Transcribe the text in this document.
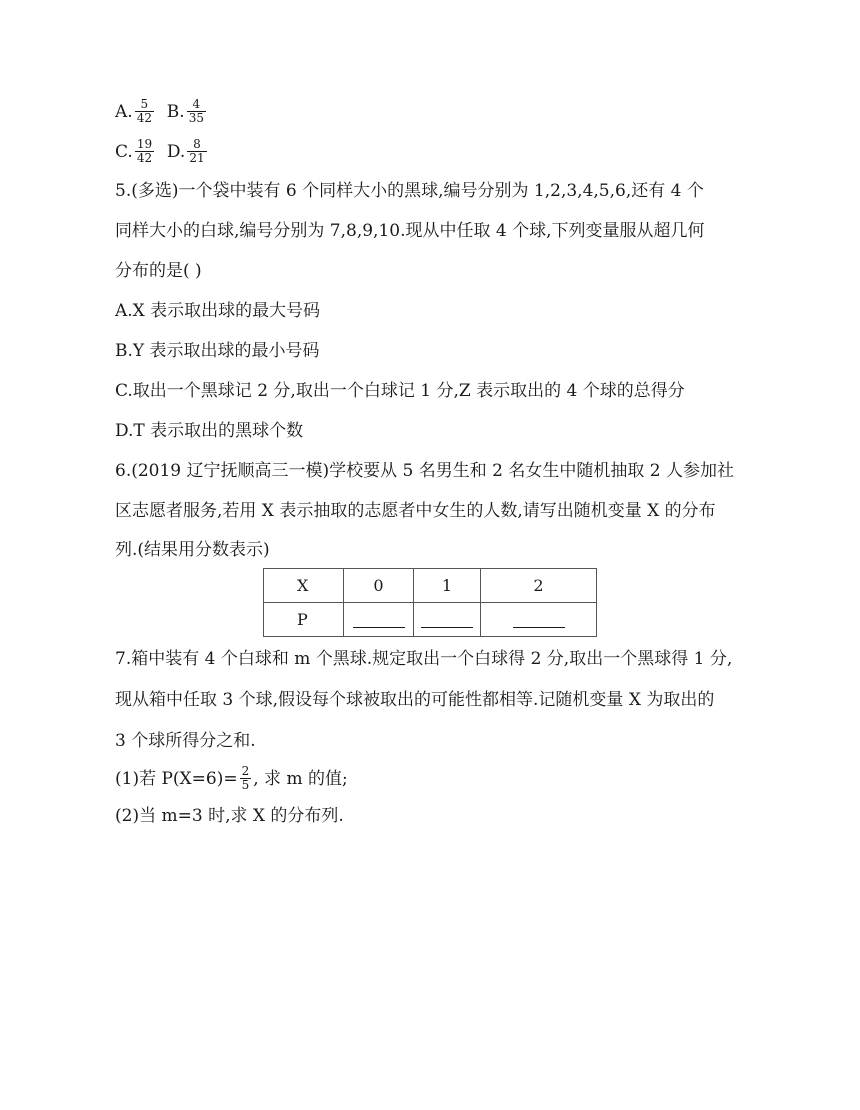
A. $\frac{5}{42} B$. $\frac{4}{35}$
C. $\frac{19}{42} D$. $\frac{8}{21}$
5.(多选)一个袋中装有 6 个同样大小的黑球,编号分别为 1,2,3,4,5,6,还有 4 个
同样大小的白球,编号分别为 7,8,9,10.现从中任取 4 个球,下列变量服从超几何
分布的是( )
A.X 表示取出球的最大号码
B.Y 表示取出球的最小号码
C.取出一个黑球记 2 分,取出一个白球记 1 分,Z 表示取出的 4 个球的总得分
D.T 表示取出的黑球个数
6.(2019 辽宁抚顺高三一模)学校要从 5 名男生和 2 名女生中随机抽取 2 人参加社
区志愿者服务,若用 X 表示抽取的志愿者中女生的人数,请写出随机变量 X 的分布
列.(结果用分数表示)
X	0	1	2
P			
7.箱中装有 4 个白球和 m 个黑球.规定取出一个白球得 2 分,取出一个黑球得 1 分,
现从箱中任取 3 个球,假设每个球被取出的可能性都相等.记随机变量 X 为取出的
3 个球所得分之和.
(1)若 $P(X=6)= \frac{2}{5}$ , 求 m 的值;
(2)当 m=3 时,求 X 的分布列.
